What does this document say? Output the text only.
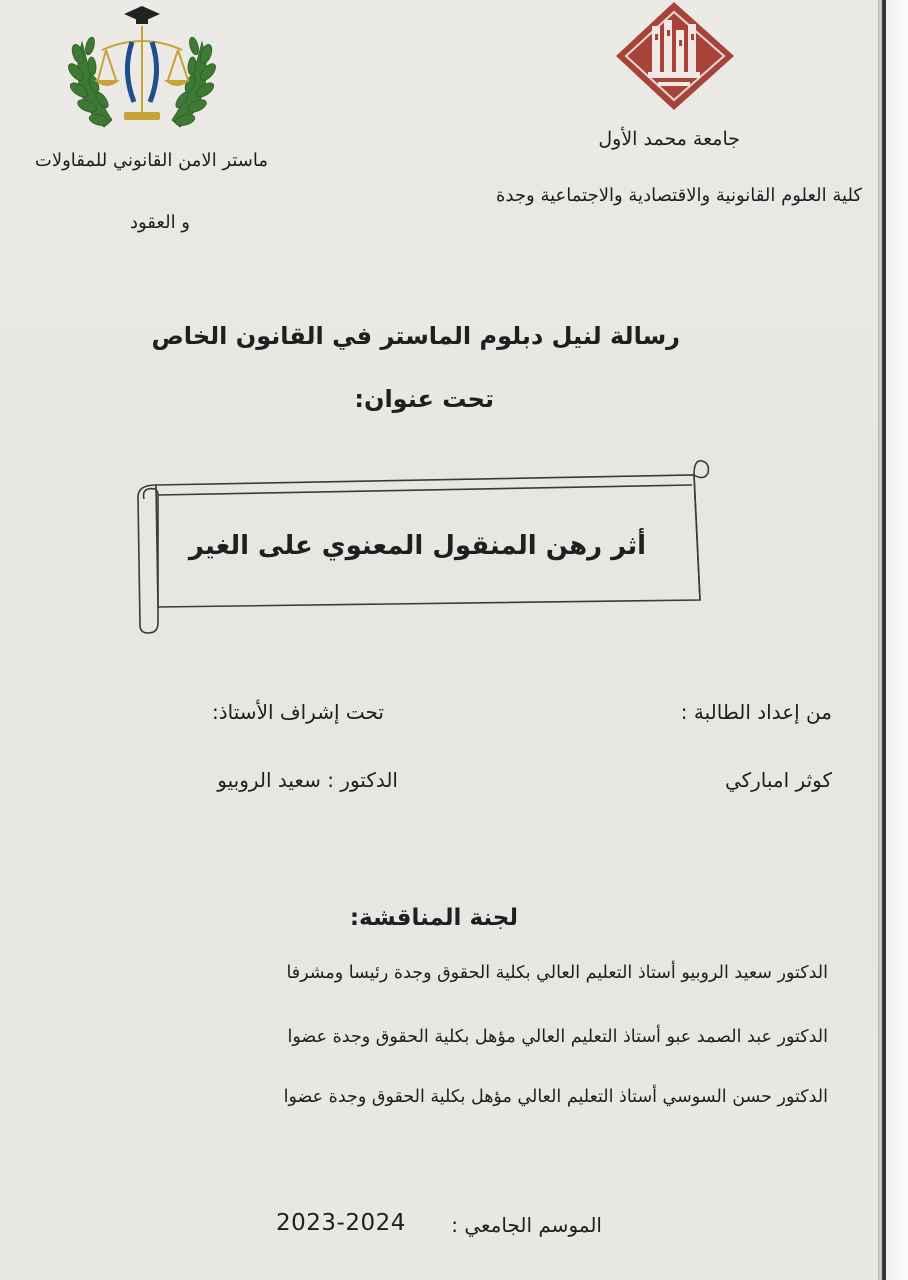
ماستر الامن القانوني للمقاولات
و العقود
جامعة محمد الأول
كلية العلوم القانونية والاقتصادية والاجتماعية وجدة
رسالة لنيل دبلوم الماستر في القانون الخاص
تحت عنوان:
أثر رهن المنقول المعنوي على الغير
من إعداد الطالبة :
تحت إشراف الأستاذ:
كوثر امباركي
الدكتور : سعيد الروبيو
لجنة المناقشة:
الدكتور سعيد الروبيو أستاذ التعليم العالي بكلية الحقوق وجدة رئيسا ومشرفا
الدكتور عبد الصمد عبو أستاذ التعليم العالي مؤهل بكلية الحقوق وجدة عضوا
الدكتور حسن السوسي أستاذ التعليم العالي مؤهل بكلية الحقوق وجدة عضوا
الموسم الجامعي :
2023-2024
